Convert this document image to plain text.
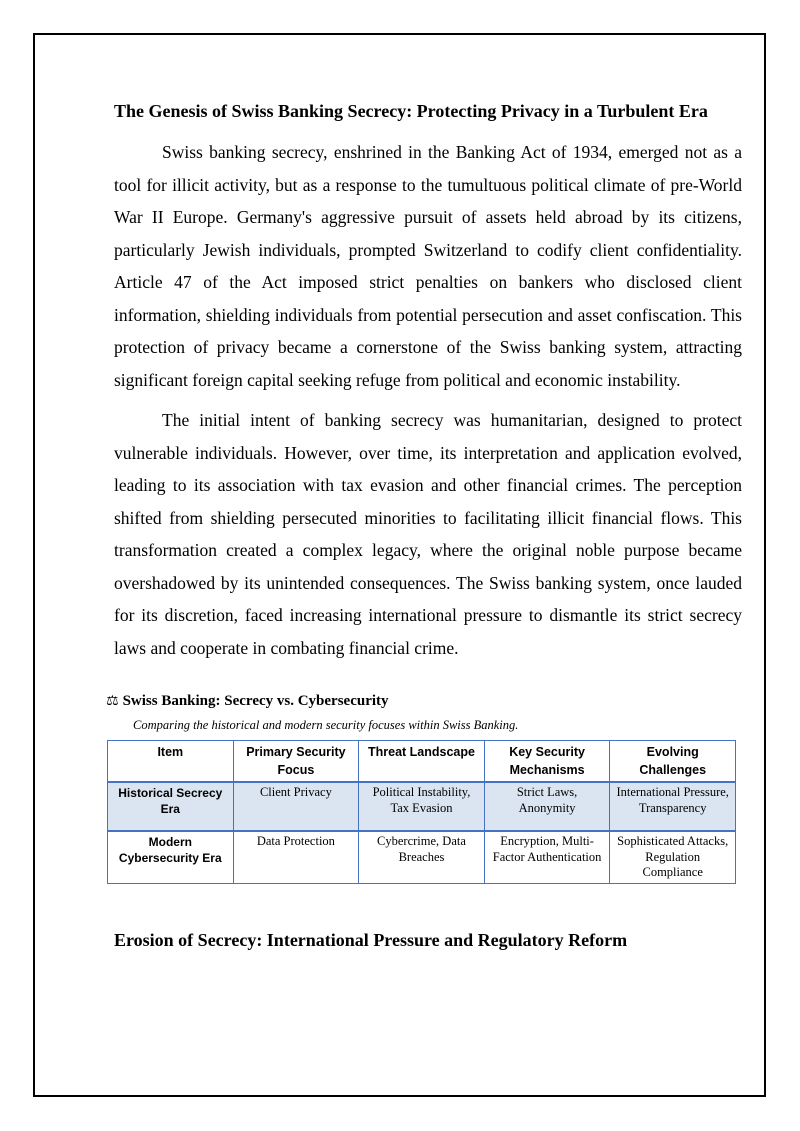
The Genesis of Swiss Banking Secrecy: Protecting Privacy in a Turbulent Era

Swiss banking secrecy, enshrined in the Banking Act of 1934, emerged not as a tool for illicit activity, but as a response to the tumultuous political climate of pre-World War II Europe. Germany's aggressive pursuit of assets held abroad by its citizens, particularly Jewish individuals, prompted Switzerland to codify client confidentiality. Article 47 of the Act imposed strict penalties on bankers who disclosed client information, shielding individuals from potential persecution and asset confiscation. This protection of privacy became a cornerstone of the Swiss banking system, attracting significant foreign capital seeking refuge from political and economic instability.

The initial intent of banking secrecy was humanitarian, designed to protect vulnerable individuals. However, over time, its interpretation and application evolved, leading to its association with tax evasion and other financial crimes. The perception shifted from shielding persecuted minorities to facilitating illicit financial flows. This transformation created a complex legacy, where the original noble purpose became overshadowed by its unintended consequences. The Swiss banking system, once lauded for its discretion, faced increasing international pressure to dismantle its strict secrecy laws and cooperate in combating financial crime.

⚖ Swiss Banking: Secrecy vs. Cybersecurity
Comparing the historical and modern security focuses within Swiss Banking.
Item	Primary Security Focus	Threat Landscape	Key Security Mechanisms	Evolving Challenges
Historical Secrecy Era	Client Privacy	Political Instability, Tax Evasion	Strict Laws, Anonymity	International Pressure, Transparency
Modern Cybersecurity Era	Data Protection	Cybercrime, Data Breaches	Encryption, Multi-Factor Authentication	Sophisticated Attacks, Regulation Compliance
Erosion of Secrecy: International Pressure and Regulatory Reform
